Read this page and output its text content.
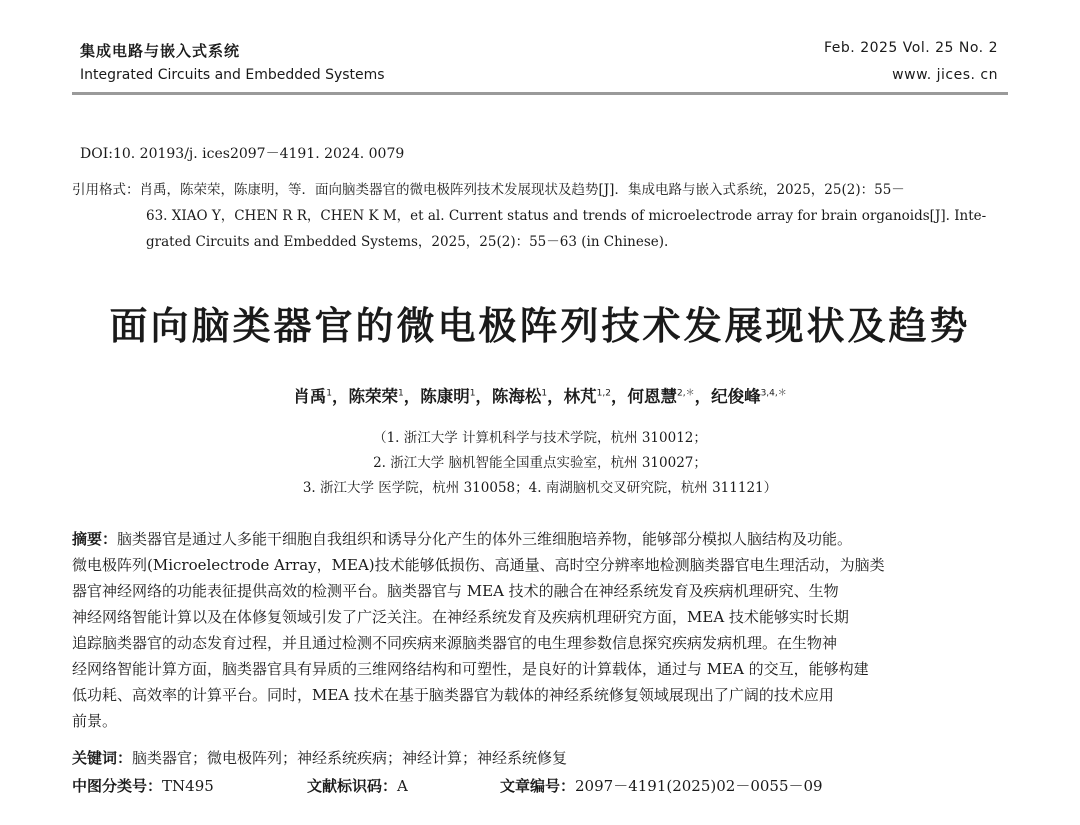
集成电路与嵌入式系统
Integrated Circuits and Embedded Systems
Feb. 2025 Vol. 25 No. 2
www. jices. cn
DOI:10. 20193/j. ices2097－4191. 2024. 0079
引用格式：肖禹，陈荣荣，陈康明，等．面向脑类器官的微电极阵列技术发展现状及趋势[J]．集成电路与嵌入式系统，2025，25(2)：55－
63. XIAO Y，CHEN R R，CHEN K M，et al. Current status and trends of microelectrode array for brain organoids[J]. Inte-
grated Circuits and Embedded Systems，2025，25(2)：55－63 (in Chinese).
面向脑类器官的微电极阵列技术发展现状及趋势
肖禹$^1$，陈荣荣$^1$，陈康明$^1$，陈海松$^1$，林芃$^{1,2}$，何恩慧$^{2,*}$，纪俊峰$^{3,4,*}$
（1. 浙江大学 计算机科学与技术学院，杭州 310012；
2. 浙江大学 脑机智能全国重点实验室，杭州 310027；
3. 浙江大学 医学院，杭州 310058；4. 南湖脑机交叉研究院，杭州 311121）
摘要：脑类器官是通过人多能干细胞自我组织和诱导分化产生的体外三维细胞培养物，能够部分模拟人脑结构及功能。
微电极阵列(Microelectrode Array，MEA)技术能够低损伤、高通量、高时空分辨率地检测脑类器官电生理活动，为脑类
器官神经网络的功能表征提供高效的检测平台。脑类器官与 MEA 技术的融合在神经系统发育及疾病机理研究、生物
神经网络智能计算以及在体修复领域引发了广泛关注。在神经系统发育及疾病机理研究方面，MEA 技术能够实时长期
追踪脑类器官的动态发育过程，并且通过检测不同疾病来源脑类器官的电生理参数信息探究疾病发病机理。在生物神
经网络智能计算方面，脑类器官具有异质的三维网络结构和可塑性，是良好的计算载体，通过与 MEA 的交互，能够构建
低功耗、高效率的计算平台。同时，MEA 技术在基于脑类器官为载体的神经系统修复领域展现出了广阔的技术应用
前景。
关键词：脑类器官；微电极阵列；神经系统疾病；神经计算；神经系统修复
中图分类号：TN495	文献标识码：A	文章编号：2097－4191(2025)02－0055－09
